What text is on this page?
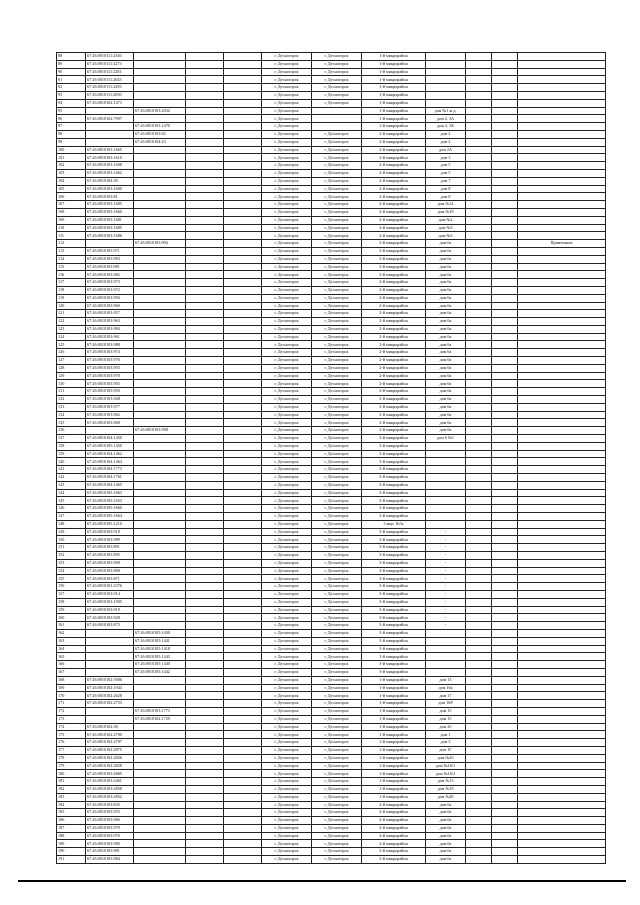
88	67:26:0010111:2546				г. Десногорск	г. Десногорск	1-й микрорайон				
89	67:26:0010111:2273				г. Десногорск	г. Десногорск	1-й микрорайон				
90	67:26:0010111:2281				г. Десногорск	г. Десногорск	1-й микрорайон				
91	67:26:0010111:2045				г. Десногорск	г. Десногорск	1-й микрорайон				
92	67:26:0010111:2293				г. Десногорск	г. Десногорск	1-й микрорайон				
93	67:26:0010111:2050				г. Десногорск	г. Десногорск	1-й микрорайон				
94	67:26:0010102:1473				г. Десногорск	г. Десногорск	1-й микрорайон				
95		67:26:0010103:2032			г. Десногорск		1-й микрорайон	дом №1 ж.д.			
96	67:26:0010102:7997				г. Десногорск		1-й микрорайон	дом 2, 3А			
97		67:26:0010103:1470			г. Десногорск		1-й микрорайон	дом 2, 3Б			
98		67:26:0010103:82			г. Десногорск	г. Десногорск	2-й микрорайон	дом 2			
99		67:26:0010104:23			г. Десногорск	г. Десногорск	2-й микрорайон	дом 2			
100	67:26:0010103:1665				г. Десногорск	г. Десногорск	2-й микрорайон	дом 2А			
101	67:26:0010103:1610				г. Десногорск	г. Десногорск	2-й микрорайон	дом 3			
102	67:26:0010103:1608				г. Десногорск	г. Десногорск	2-й микрорайон	дом 5			
103	67:26:0010103:1662				г. Десногорск	г. Десногорск	2-й микрорайон	дом 5			
104	67:26:0010104:30				г. Десногорск	г. Десногорск	2-й микрорайон	дом 7			
105	67:26:0010103:1600				г. Десногорск	г. Десногорск	2-й микрорайон	дом 8			
106	67:26:0010103:81				г. Десногорск	г. Десногорск	2-й микрорайон	дом 8			
107	67:26:0010103:1685				г. Десногорск	г. Десногорск	2-й микрорайон	дом №14			
108	67:26:0010103:1660				г. Десногорск	г. Десногорск	2-й микрорайон	дом №19			
109	67:26:0010103:1681				г. Десногорск	г. Десногорск	2-й микрорайон	дом №2			
110	67:26:0010103:1685				г. Десногорск	г. Десногорск	2-й микрорайон	дом №3			
111	67:26:0010103:1686				г. Десногорск	г. Десногорск	2-й микрорайон	дом №3			
112		67:26:0010103:994			г. Десногорск	г. Десногорск	2-й микрорайон	дом 6а			Примечание
113	67:26:0010103:971				г. Десногорск	г. Десногорск	2-й микрорайон	дом 6а			
114	67:26:0010103:983				г. Десногорск	г. Десногорск	2-й микрорайон	дом 6а			
115	67:26:0010103:981				г. Десногорск	г. Десногорск	2-й микрорайон	дом 6а			
116	67:26:0010103:982				г. Десногорск	г. Десногорск	2-й микрорайон	дом 6а			
117	67:26:0010103:973				г. Десногорск	г. Десногорск	2-й микрорайон	дом 6а			
118	67:26:0010103:972				г. Десногорск	г. Десногорск	2-й микрорайон	дом 6а			
119	67:26:0010103:956				г. Десногорск	г. Десногорск	2-й микрорайон	дом 6а			
120	67:26:0010103:960				г. Десногорск	г. Десногорск	2-й микрорайон	дом 6а			
121	67:26:0010103:957				г. Десногорск	г. Десногорск	2-й микрорайон	дом 6а			
122	67:26:0010103:963				г. Десногорск	г. Десногорск	2-й микрорайон	дом 6а			
123	67:26:0010103:984				г. Десногорск	г. Десногорск	2-й микрорайон	дом 6а			
124	67:26:0010103:961				г. Десногорск	г. Десногорск	2-й микрорайон	дом 6а			
125	67:26:0010103:988				г. Десногорск	г. Десногорск	2-й микрорайон	дом 6а			
126	67:26:0010103:974				г. Десногорск	г. Десногорск	2-й микрорайон	дом 6а			
127	67:26:0010103:976				г. Десногорск	г. Десногорск	2-й микрорайон	дом 6а			
128	67:26:0010103:953				г. Десногорск	г. Десногорск	2-й микрорайон	дом 6а			
129	67:26:0010103:970				г. Десногорск	г. Десногорск	2-й микрорайон	дом 6а			
130	67:26:0010103:955				г. Десногорск	г. Десногорск	2-й микрорайон	дом 6а			
131	67:26:0010103:950				г. Десногорск	г. Десногорск	2-й микрорайон	дом 6а			
132	67:26:0010103:948				г. Десногорск	г. Десногорск	2-й микрорайон	дом 6а			
133	67:26:0010103:977				г. Десногорск	г. Десногорск	2-й микрорайон	дом 6а			
134	67:26:0010103:962				г. Десногорск	г. Десногорск	2-й микрорайон	дом 6а			
135	67:26:0010103:968				г. Десногорск	г. Десногорск	2-й микрорайон	дом 6а			
136		67:26:0010103:998			г. Десногорск	г. Десногорск	2-й микрорайон	дом 6а			
137	67:26:0010104:1450				г. Десногорск	г. Десногорск	3-й микрорайон	дом 6 №1			
138	67:26:0010105:1450				г. Десногорск	г. Десногорск	3-й микрорайон				
139	67:26:0010104:1462				г. Десногорск	г. Десногорск	3-й микрорайон				
140	67:26:0010104:1464				г. Десногорск	г. Десногорск	3-й микрорайон				
141	67:26:0010104:1773				г. Десногорск	г. Десногорск	3-й микрорайон				
142	67:26:0010104:1761				г. Десногорск	г. Десногорск	3-й микрорайон				
143	67:26:0010104:1465				г. Десногорск	г. Десногорск	3-й микрорайон				
144	67:26:0010105:1663				г. Десногорск	г. Десногорск	3-й микрорайон				
145	67:26:0010105:1653				г. Десногорск	г. Десногорск	3-й микрорайон				
146	67:26:0010105:1660				г. Десногорск	г. Десногорск	3-й микрорайон				
147	67:26:0010105:1664				г. Десногорск	г. Десногорск	3-й микрорайон				
148	67:26:0010105:1210				г. Десногорск	г. Десногорск	3 мкр. №5а				
149	67:26:0010103:918				г. Десногорск	г. Десногорск	3-й микрорайон	-			
150	67:26:0010103:989				г. Десногорск	г. Десногорск	3-й микрорайон	-			
151	67:26:0010103:891				г. Десногорск	г. Десногорск	3-й микрорайон	-			
152	67:26:0010103:895				г. Десногорск	г. Десногорск	3-й микрорайон	-			
153	67:26:0010103:908				г. Десногорск	г. Десногорск	3-й микрорайон	-			
154	67:26:0010103:868				г. Десногорск	г. Десногорск	3-й микрорайон	-			
155	67:26:0010103:871				г. Десногорск	г. Десногорск	3-й микрорайон	-			
156	67:26:0010103:2376				г. Десногорск	г. Десногорск	3-й микрорайон	-			
157	67:26:0010103:914				г. Десногорск	г. Десногорск	3-й микрорайон	-			
158	67:26:0010103:1905				г. Десногорск	г. Десногорск	3-й микрорайон	-			
159	67:26:0010103:919				г. Десногорск	г. Десногорск	3-й микрорайон	-			
160	67:26:0010103:928				г. Десногорск	г. Десногорск	3-й микрорайон	-			
161	67:26:0010103:873				г. Десногорск	г. Десногорск	3-й микрорайон	-			
162		67:26:0010105:1430			г. Десногорск	г. Десногорск	3-й микрорайон				
163		67:26:0010105:1441			г. Десногорск	г. Десногорск	3-й микрорайон				
164		67:26:0010105:1418			г. Десногорск	г. Десногорск	3-й микрорайон				
165		67:26:0010105:1443			г. Десногорск	г. Десногорск	3-й микрорайон				
166		67:26:0010105:1440			г. Десногорск	г. Десногорск	3-й микрорайон				
167		67:26:0010105:1442			г. Десногорск	г. Десногорск	3-й микрорайон				
168	67:26:0010102:3006				г. Десногорск	г. Десногорск	1-й микрорайон	дом 13			
169	67:26:0010102:1943				г. Десногорск	г. Десногорск	1-й микрорайон	дом 16а			
170	67:26:0010102:2628				г. Десногорск	г. Десногорск	1-й микрорайон	дом 17			
171	67:26:0010102:2753				г. Десногорск	г. Десногорск	1-й микрорайон	дом 16Р			
172		67:26:0010103:1773			г. Десногорск	г. Десногорск	1-й микрорайон	дом 15			
173		67:26:0010102:1729			г. Десногорск	г. Десногорск	1-й микрорайон	дом 15			
174	67:26:0010102:30				г. Десногорск	г. Десногорск	1-й микрорайон	дом 2б			
175	67:26:0010102:2790				г. Десногорск	г. Десногорск	1-й микрорайон	дом 1			
176	67:26:0010102:2797				г. Десногорск	г. Десногорск	1-й микрорайон	дом 3			
177	67:26:0010102:2875				г. Десногорск	г. Десногорск	1-й микрорайон	дом 1Г			
178	67:26:0010102:2826				г. Десногорск	г. Десногорск	1-й микрорайон	дом №2б			
179	67:26:0010102:2828				г. Десногорск	г. Десногорск	1-й микрорайон	дом №16/1			
180	67:26:0010103:2869				г. Десногорск	г. Десногорск	1-й микрорайон	дом №16/2			
181	67:26:0010103:2461				г. Десногорск	г. Десногорск	1-й микрорайон	дом №13			
182	67:26:0010103:2858				г. Десногорск	г. Десногорск	1-й микрорайон	дом №19			
183	67:26:0010103:2852				г. Десногорск	г. Десногорск	1-й микрорайон	дом №20			
184	67:26:0010103:835				г. Десногорск	г. Десногорск	2-й микрорайон	дом 6а			
185	67:26:0010103:953				г. Десногорск	г. Десногорск	2-й микрорайон	дом 6а			
186	67:26:0010103:966				г. Десногорск	г. Десногорск	2-й микрорайон	дом 6а			
187	67:26:0010103:979				г. Десногорск	г. Десногорск	2-й микрорайон	дом 6а			
188	67:26:0010103:976				г. Десногорск	г. Десногорск	2-й микрорайон	дом 6а			
189	67:26:0010103:980				г. Десногорск	г. Десногорск	2-й микрорайон	дом 6а			
190	67:26:0010103:981				г. Десногорск	г. Десногорск	2-й микрорайон	дом 6а			
191	67:26:0010103:984				г. Десногорск	г. Десногорск	2-й микрорайон	дом 6а			
